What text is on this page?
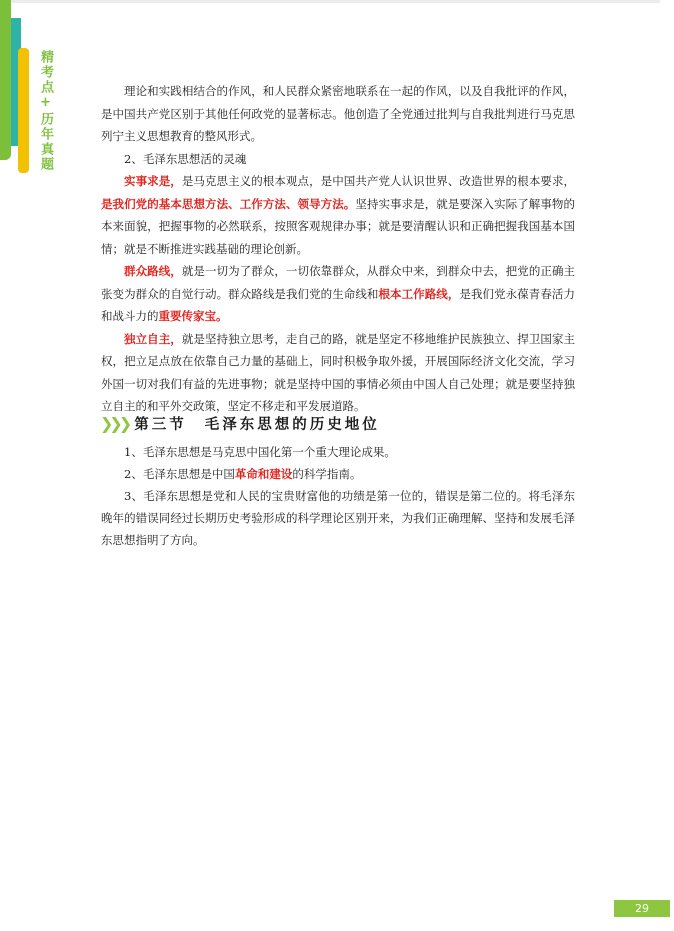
精考点+历年真题	理论和实践相结合的作风，和人民群众紧密地联系在一起的作风，以及自我批评的作风，是中国共产党区别于其他任何政党的显著标志。他创造了全党通过批判与自我批判进行马克思列宁主义思想教育的整风形式。

2、毛泽东思想活的灵魂

实事求是，是马克思主义的根本观点，是中国共产党人认识世界、改造世界的根本要求，是我们党的基本思想方法、工作方法、领导方法。坚持实事求是，就是要深入实际了解事物的本来面貌，把握事物的必然联系，按照客观规律办事；就是要清醒认识和正确把握我国基本国情；就是不断推进实践基础的理论创新。

群众路线，就是一切为了群众，一切依靠群众，从群众中来，到群众中去，把党的正确主张变为群众的自觉行动。群众路线是我们党的生命线和根本工作路线，是我们党永葆青春活力和战斗力的重要传家宝。

独立自主，就是坚持独立思考，走自己的路，就是坚定不移地维护民族独立、捍卫国家主权，把立足点放在依靠自己力量的基础上，同时积极争取外援，开展国际经济文化交流，学习外国一切对我们有益的先进事物；就是坚持中国的事情必须由中国人自己处理；就是要坚持独立自主的和平外交政策，坚定不移走和平发展道路。

❯
❯
❯ 第三节 毛泽东思想的历史地位

1、毛泽东思想是马克思中国化第一个重大理论成果。

2、毛泽东思想是中国革命和建设的科学指南。

3、毛泽东思想是党和人民的宝贵财富他的功绩是第一位的，错误是第二位的。将毛泽东晚年的错误同经过长期历史考验形成的科学理论区别开来，为我们正确理解、坚持和发展毛泽东思想指明了方向。

29
